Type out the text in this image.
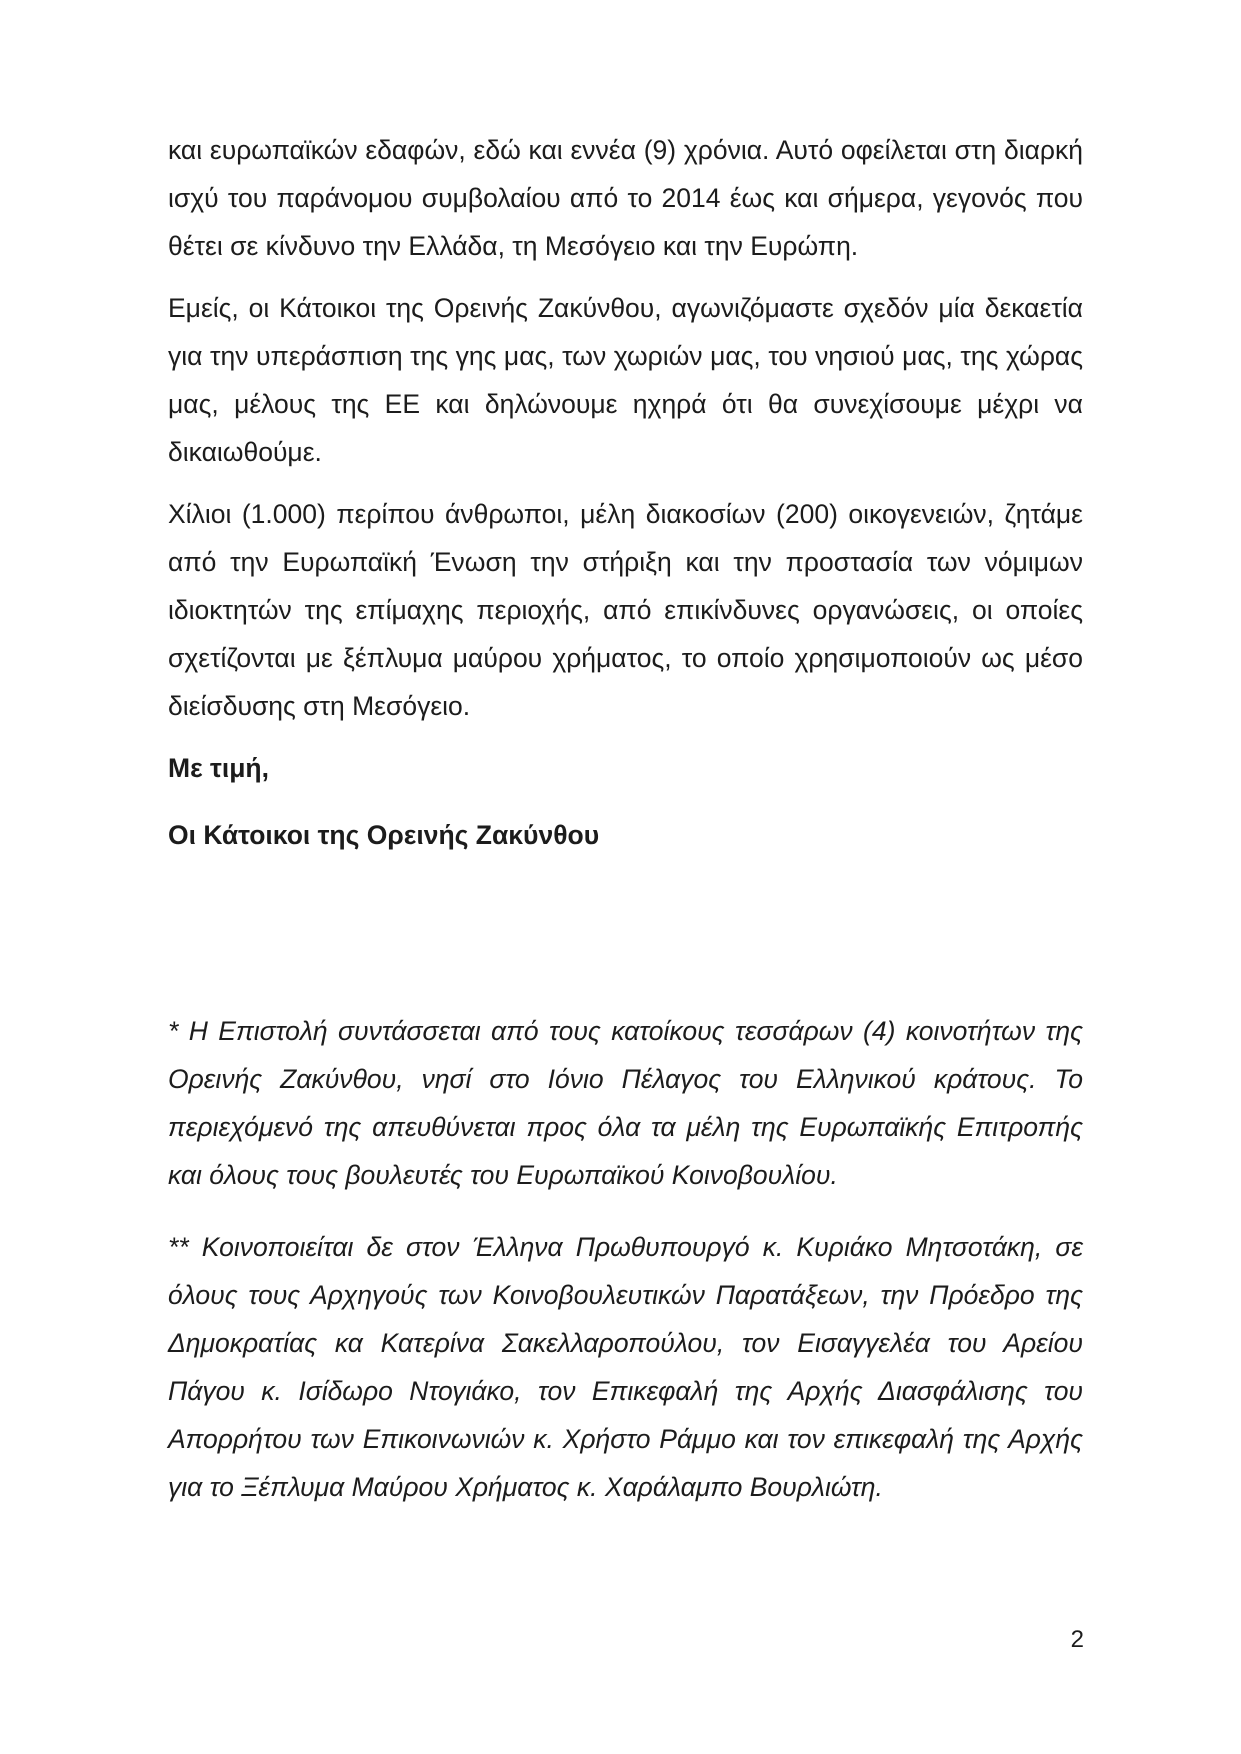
και ευρωπαϊκών εδαφών, εδώ και εννέα (9) χρόνια. Αυτό οφείλεται στη διαρκή ισχύ του παράνομου συμβολαίου από το 2014 έως και σήμερα, γεγονός που θέτει σε κίνδυνο την Ελλάδα, τη Μεσόγειο και την Ευρώπη.

Εμείς, οι Κάτοικοι της Ορεινής Ζακύνθου, αγωνιζόμαστε σχεδόν μία δεκαετία για την υπεράσπιση της γης μας, των χωριών μας, του νησιού μας, της χώρας μας, μέλους της ΕΕ και δηλώνουμε ηχηρά ότι θα συνεχίσουμε μέχρι να δικαιωθούμε.

Χίλιοι (1.000) περίπου άνθρωποι, μέλη διακοσίων (200) οικογενειών, ζητάμε από την Ευρωπαϊκή Ένωση την στήριξη και την προστασία των νόμιμων ιδιοκτητών της επίμαχης περιοχής, από επικίνδυνες οργανώσεις, οι οποίες σχετίζονται με ξέπλυμα μαύρου χρήματος, το οποίο χρησιμοποιούν ως μέσο διείσδυσης στη Μεσόγειο.

Με τιμή,

Οι Κάτοικοι της Ορεινής Ζακύνθου

* Η Επιστολή συντάσσεται από τους κατοίκους τεσσάρων (4) κοινοτήτων της Ορεινής Ζακύνθου, νησί στο Ιόνιο Πέλαγος του Ελληνικού κράτους. Το περιεχόμενό της απευθύνεται προς όλα τα μέλη της Ευρωπαϊκής Επιτροπής και όλους τους βουλευτές του Ευρωπαϊκού Κοινοβουλίου.

** Κοινοποιείται δε στον Έλληνα Πρωθυπουργό κ. Κυριάκο Μητσοτάκη, σε όλους τους Αρχηγούς των Κοινοβουλευτικών Παρατάξεων, την Πρόεδρο της Δημοκρατίας κα Κατερίνα Σακελλαροπούλου, τον Εισαγγελέα του Αρείου Πάγου κ. Ισίδωρο Ντογιάκο, τον Επικεφαλή της Αρχής Διασφάλισης του Απορρήτου των Επικοινωνιών κ. Χρήστο Ράμμο και τον επικεφαλή της Αρχής για το Ξέπλυμα Μαύρου Χρήματος κ. Χαράλαμπο Βουρλιώτη.

2
